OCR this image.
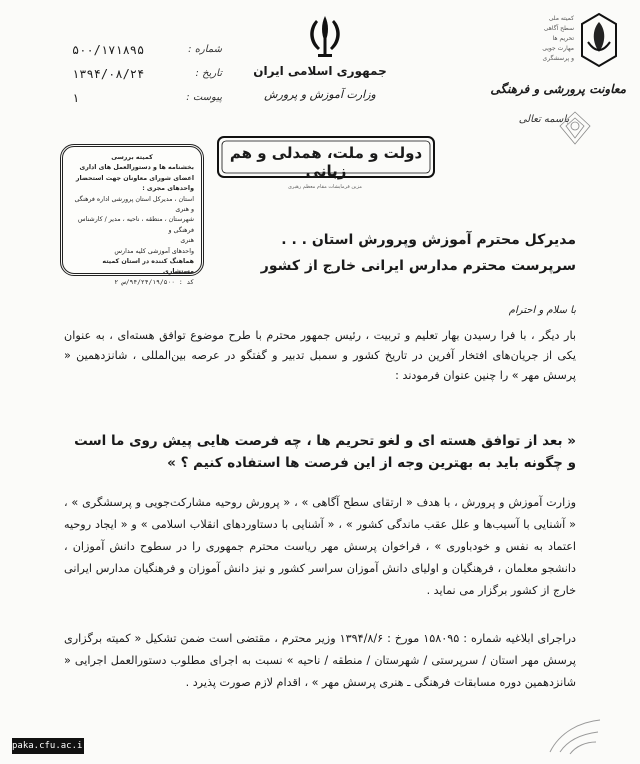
شماره :
۵۰۰/۱۷۱۸۹۵
تاریخ :
۱۳۹۴/۰۸/۲۴
پیوست :
١
جمهوری اسلامی ایران
وزارت آموزش و پرورش
کمیته ملی
سطح آگاهی
تحریم ها
مهارت جویی
و پرسشگری
معاونت پرورشی و فرهنگی
باسمه تعالی
دولت و ملت، همدلی و هم زبانی
مزین فرمایشات مقام معظم رهبری
کمیته بررسی
بخشنامه ها و دستورالعمل های اداری
اعضای شورای معاونان جهت استحضار
واحدهای مجری :
استان ، مدیرکل استان پرورشی اداره فرهنگی و هنری
شهرستان ، منطقه ، ناحیه ، مدیر / کارشناس فرهنگی و
هنری
واحدهای آموزشی کلیه مدارس
هماهنگ کننده در استان کمیته مستشاری
کد : ۹۴/۲۴/۱۹/۵۰۰/س ۲
مدیرکل محترم آموزش وپرورش استان . . .
سرپرست محترم مدارس ایرانی خارج از کشور
با سلام و احترام
بار دیگر ، با فرا رسیدن بهار تعلیم و تربیت ، رئیس جمهور محترم با طرح موضوع توافق هسته‌ای ، به عنوان یکی از جریان‌های افتخار آفرین در تاریخ کشور و سمبل تدبیر و گفتگو در عرصه بین‌المللی ، شانزدهمین « پرسش مهر » را چنین عنوان فرمودند :
« بعد از توافق هسته ای و لغو تحریم ها ، چه فرصت هایی پیش روی ما است و چگونه باید به بهترین وجه از این فرصت ها استفاده کنیم ؟ »
وزارت آموزش و پرورش ، با هدف « ارتقای سطح آگاهی » ، « پرورش روحیه مشارکت‌جویی و پرسشگری » ، « آشنایی با آسیب‌ها و علل عقب ماندگی کشور » ، « آشنایی با دستاوردهای انقلاب اسلامی » و « ایجاد روحیه اعتماد به نفس و خودباوری » ، فراخوان پرسش مهر ریاست محترم جمهوری را در سطوح دانش آموزان ، دانشجو معلمان ، فرهنگیان و اولیای دانش آموزان سراسر کشور و نیز دانش آموزان و فرهنگیان مدارس ایرانی خارج از کشور برگزار می نماید .
دراجرای ابلاغیه شماره : ۱۵۸۰۹۵ مورخ : ۱۳۹۴/۸/۶ وزیر محترم ، مقتضی است ضمن تشکیل « کمیته برگزاری پرسش مهر استان / سرپرستی / شهرستان / منطقه / ناحیه » نسبت به اجرای مطلوب دستورالعمل اجرایی « شانزدهمین دوره مسابقات فرهنگی ـ هنری پرسش مهر » ، اقدام لازم صورت پذیرد .
paka.cfu.ac.ir
